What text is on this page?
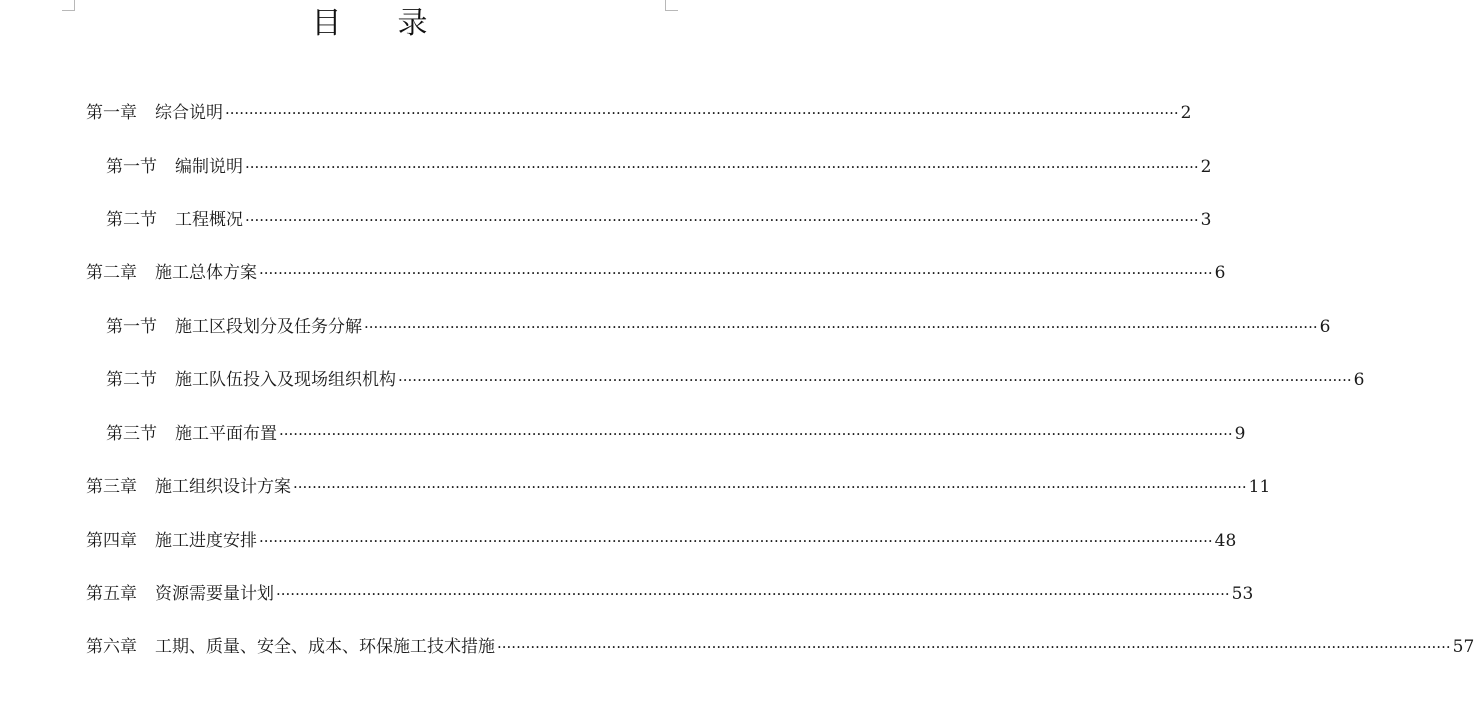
目 录
第一章 综合说明 ········································································································································································································ 2
第一节 编制说明 ········································································································································································································ 2
第二节 工程概况 ········································································································································································································ 3
第二章 施工总体方案 ········································································································································································································ 6
第一节 施工区段划分及任务分解 ········································································································································································································ 6
第二节 施工队伍投入及现场组织机构 ········································································································································································································ 6
第三节 施工平面布置 ········································································································································································································ 9
第三章 施工组织设计方案 ········································································································································································································ 11
第四章 施工进度安排 ········································································································································································································ 48
第五章 资源需要量计划 ········································································································································································································ 53
第六章 工期、质量、安全、成本、环保施工技术措施 ········································································································································································································ 57
